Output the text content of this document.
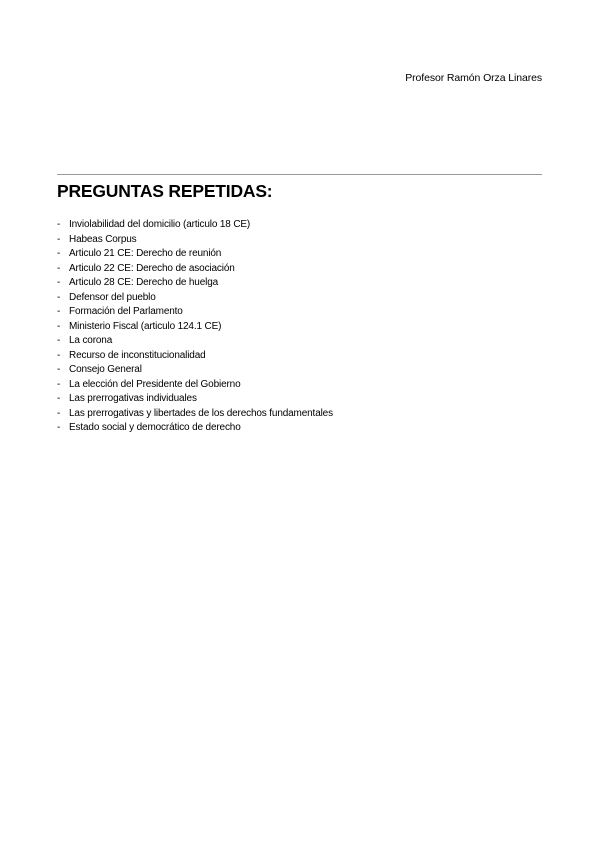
Profesor Ramón Orza Linares
PREGUNTAS REPETIDAS:
- Inviolabilidad del domicilio (articulo 18 CE)
- Habeas Corpus
- Articulo 21 CE: Derecho de reunión
- Articulo 22 CE: Derecho de asociación
- Articulo 28 CE: Derecho de huelga
- Defensor del pueblo
- Formación del Parlamento
- Ministerio Fiscal (articulo 124.1 CE)
- La corona
- Recurso de inconstitucionalidad
- Consejo General
- La elección del Presidente del Gobierno
- Las prerrogativas individuales
- Las prerrogativas y libertades de los derechos fundamentales
- Estado social y democrático de derecho
